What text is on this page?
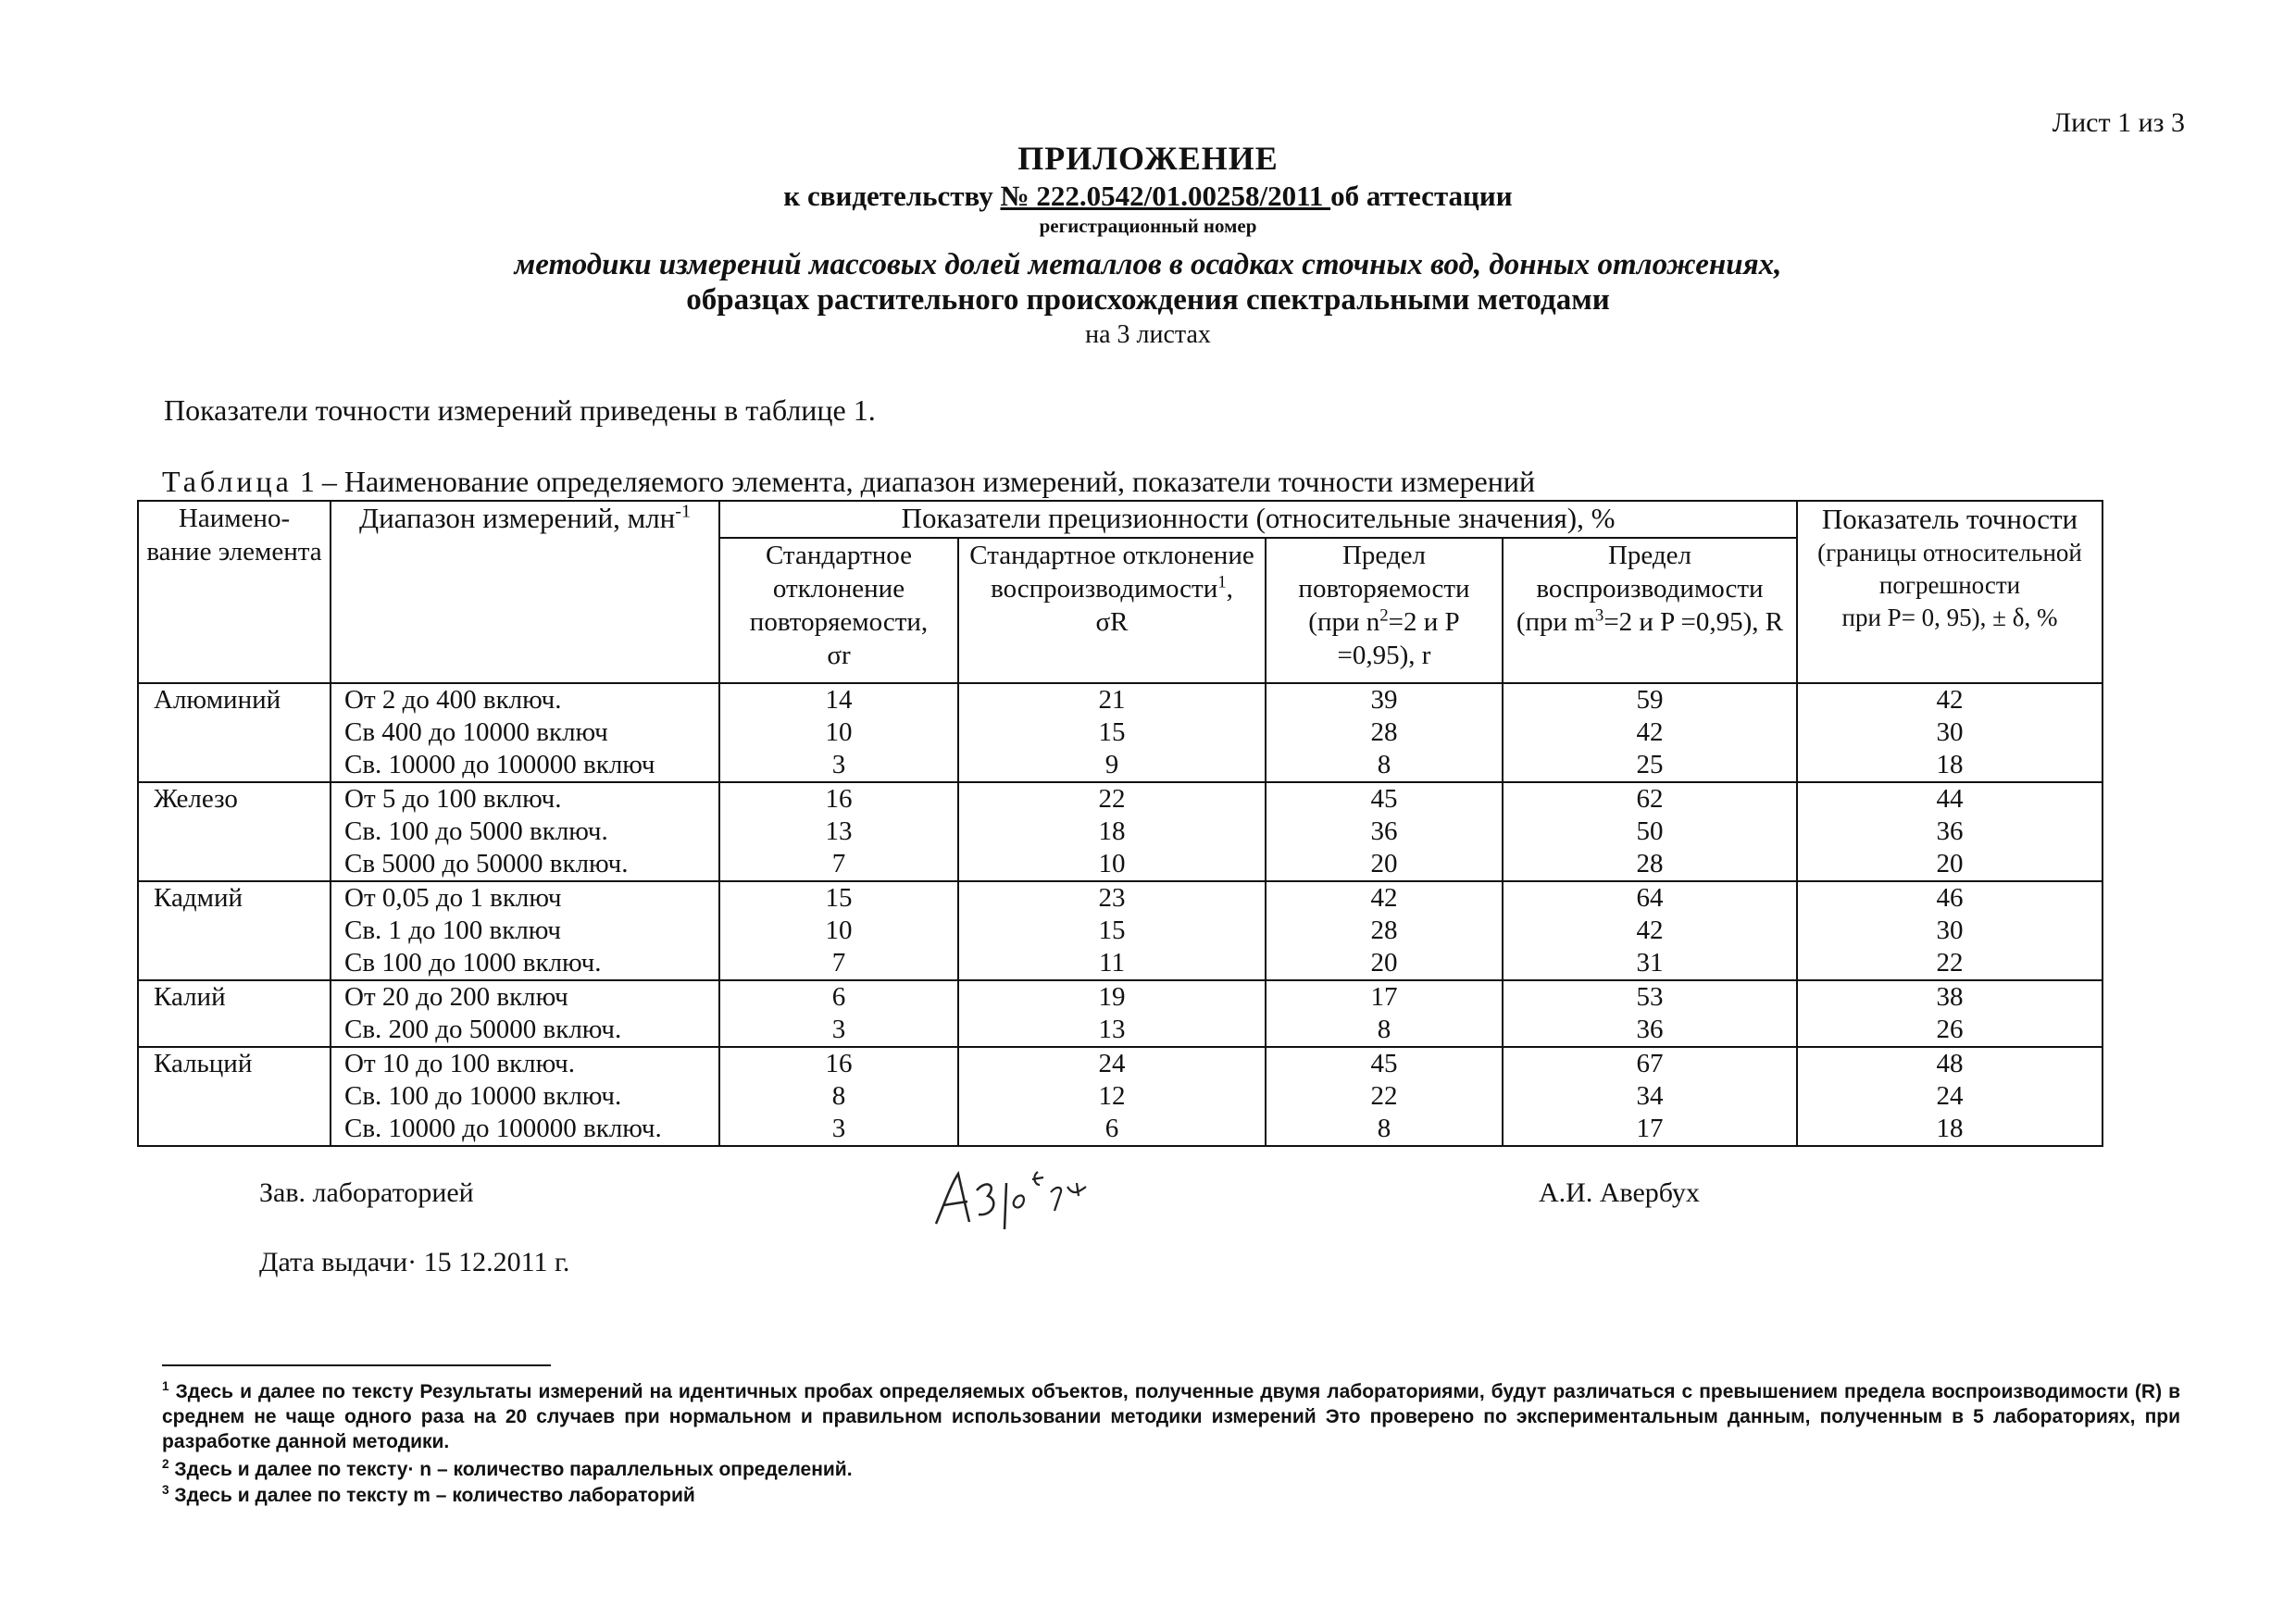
Лист 1 из 3
ПРИЛОЖЕНИЕ
к свидетельству № 222.0542/01.00258/2011 об аттестации
регистрационный номер
методики измерений массовых долей металлов в осадках сточных вод, донных отложениях,
образцах растительного происхождения спектральными методами
на 3 листах
Показатели точности измерений приведены в таблице 1.
Таблица 1 – Наименование определяемого элемента, диапазон измерений, показатели точности измерений
Наимено-вание элемента	Диапазон измерений, млн$^{-1}$	Показатели прецизионности (относительные значения), %				Показатель точности
(границы относительной погрешности
при P= 0, 95), ± δ, %

		Стандартное отклонение повторяемости,
σr	Стандартное отклонение воспроизводимости$^1$,
σR	Предел повторяемости (при $n^2=2$ и P =0,95), r	Предел воспроизводимости (при $m^3=2$ и P =0,95), R	
Алюминий	От 2 до 400 включ.	14	21	39	59	42
	Св 400 до 10000 включ	10	15	28	42	30
	Св. 10000 до 100000 включ	3	9	8	25	18
Железо	От 5 до 100 включ.	16	22	45	62	44
	Св. 100 до 5000 включ.	13	18	36	50	36
	Св 5000 до 50000 включ.	7	10	20	28	20
Кадмий	От 0,05 до 1 включ	15	23	42	64	46
	Св. 1 до 100 включ	10	15	28	42	30
	Св 100 до 1000 включ.	7	11	20	31	22
Калий	От 20 до 200 включ	6	19	17	53	38
	Св. 200 до 50000 включ.	3	13	8	36	26
Кальций	От 10 до 100 включ.	16	24	45	67	48
	Св. 100 до 10000 включ.	8	12	22	34	24
	Св. 10000 до 100000 включ.	3	6	8	17	18
Зав. лабораторией	А.И. Авербух
Дата выдачи· 15 12.2011 г.
$^1$ Здесь и далее по тексту Результаты измерений на идентичных пробах определяемых объектов, полученные двумя лабораториями, будут различаться с превышением предела воспроизводимости (R) в среднем не чаще одного раза на 20 случаев при нормальном и правильном использовании методики измерений Это проверено по экспериментальным данным, полученным в 5 лабораториях, при разработке данной методики.
$^2$ Здесь и далее по тексту· n – количество параллельных определений.
$^3$ Здесь и далее по тексту m – количество лабораторий
